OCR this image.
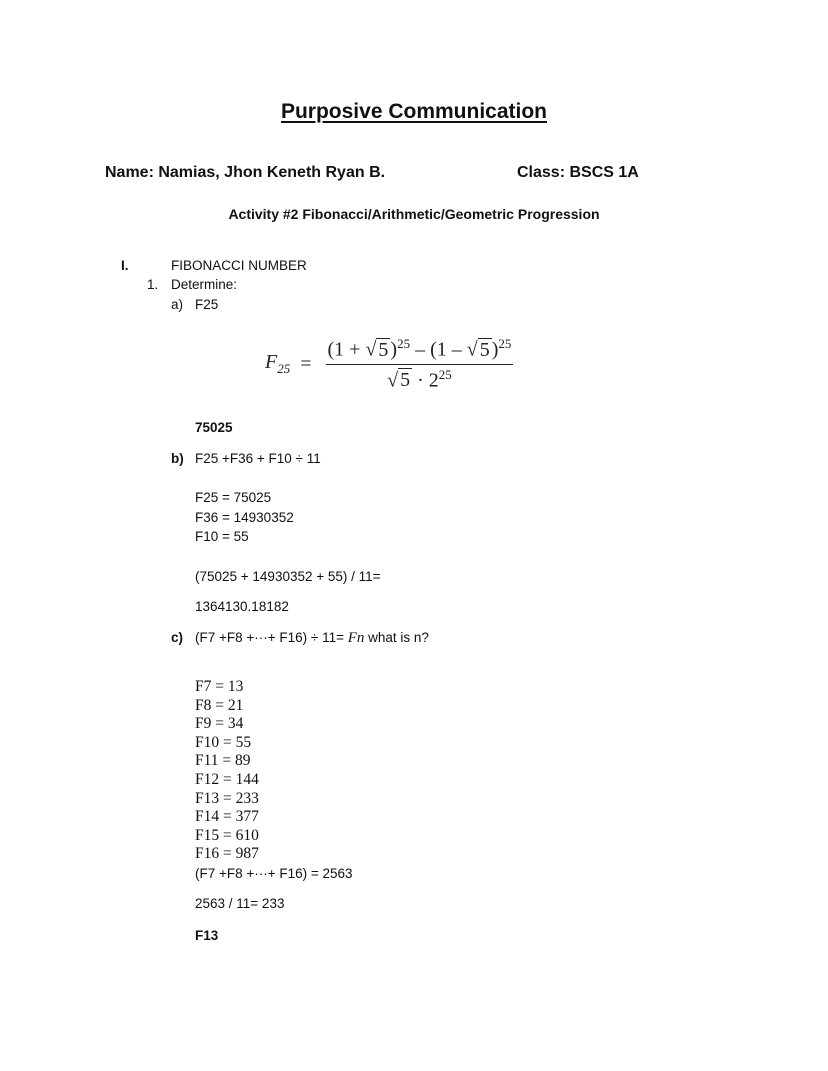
Purposive Communication
Name: Namias, Jhon Keneth Ryan B.	Class: BSCS 1A
Activity #2 Fibonacci/Arithmetic/Geometric Progression
I.	FIBONACCI NUMBER
1. Determine:
a) F25
$F_{25} = \frac{(1 + √ 5 )^{25} - (1 - √ 5 )^{25}}{√ 5 \cdot 2^{25}}$
75025
b) F25 +F36 + F10 ÷ 11
F25 = 75025
F36 = 14930352
F10 = 55
(75025 + 14930352 + 55) / 11=
1364130.18182
c) (F7 +F8 +···+ F16) ÷ 11= Fn what is n?
F7 = 13
F8 = 21
F9 = 34
F10 = 55
F11 = 89
F12 = 144
F13 = 233
F14 = 377
F15 = 610
F16 = 987
(F7 +F8 +···+ F16) = 2563
2563 / 11= 233
F13
